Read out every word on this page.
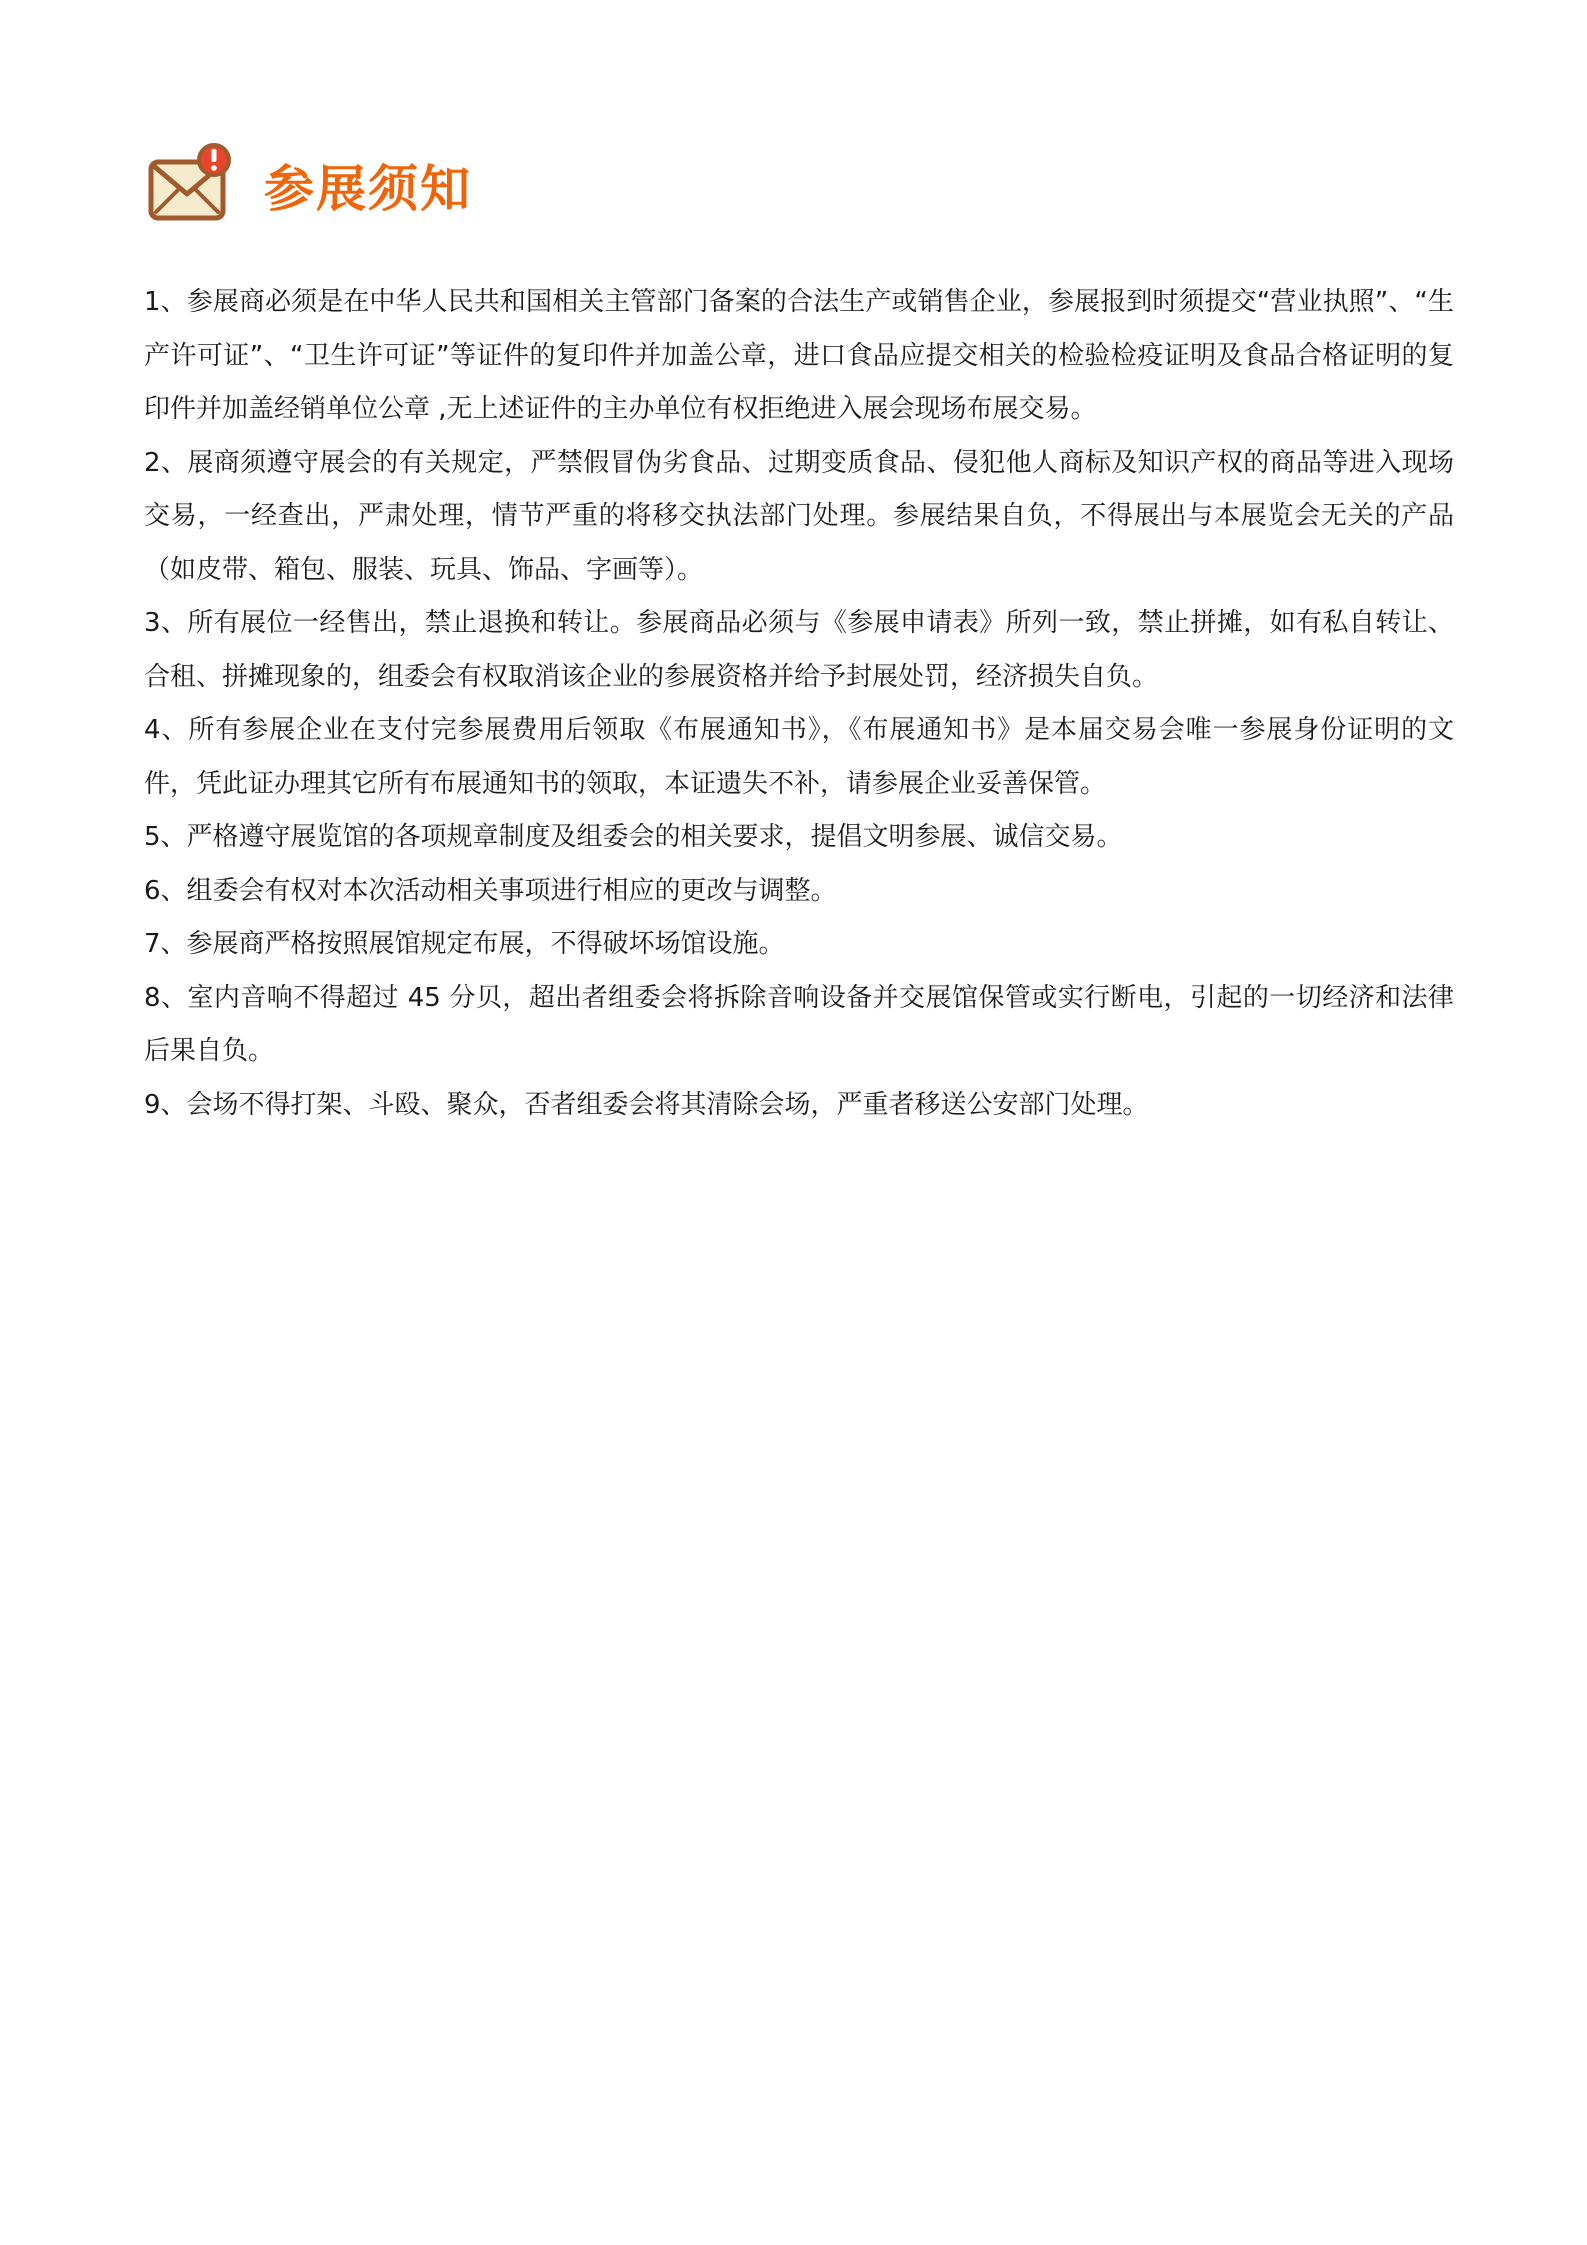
参展须知
1、参展商必须是在中华人民共和国相关主管部门备案的合法生产或销售企业，参展报到时须提交“营业执照”、“生产许可证”、“卫生许可证”等证件的复印件并加盖公章，进口食品应提交相关的检验检疫证明及食品合格证明的复印件并加盖经销单位公章 ,无上述证件的主办单位有权拒绝进入展会现场布展交易。
2、展商须遵守展会的有关规定，严禁假冒伪劣食品、过期变质食品、侵犯他人商标及知识产权的商品等进入现场交易，一经查出，严肃处理，情节严重的将移交执法部门处理。参展结果自负，不得展出与本展览会无关的产品（如皮带、箱包、服装、玩具、饰品、字画等）。
3、所有展位一经售出，禁止退换和转让。参展商品必须与《参展申请表》所列一致，禁止拼摊，如有私自转让、合租、拼摊现象的，组委会有权取消该企业的参展资格并给予封展处罚，经济损失自负。
4、所有参展企业在支付完参展费用后领取《布展通知书》，《布展通知书》是本届交易会唯一参展身份证明的文件，凭此证办理其它所有布展通知书的领取，本证遗失不补，请参展企业妥善保管。
5、严格遵守展览馆的各项规章制度及组委会的相关要求，提倡文明参展、诚信交易。
6、组委会有权对本次活动相关事项进行相应的更改与调整。
7、参展商严格按照展馆规定布展，不得破坏场馆设施。
8、室内音响不得超过 45 分贝，超出者组委会将拆除音响设备并交展馆保管或实行断电，引起的一切经济和法律后果自负。
9、会场不得打架、斗殴、聚众，否者组委会将其清除会场，严重者移送公安部门处理。
